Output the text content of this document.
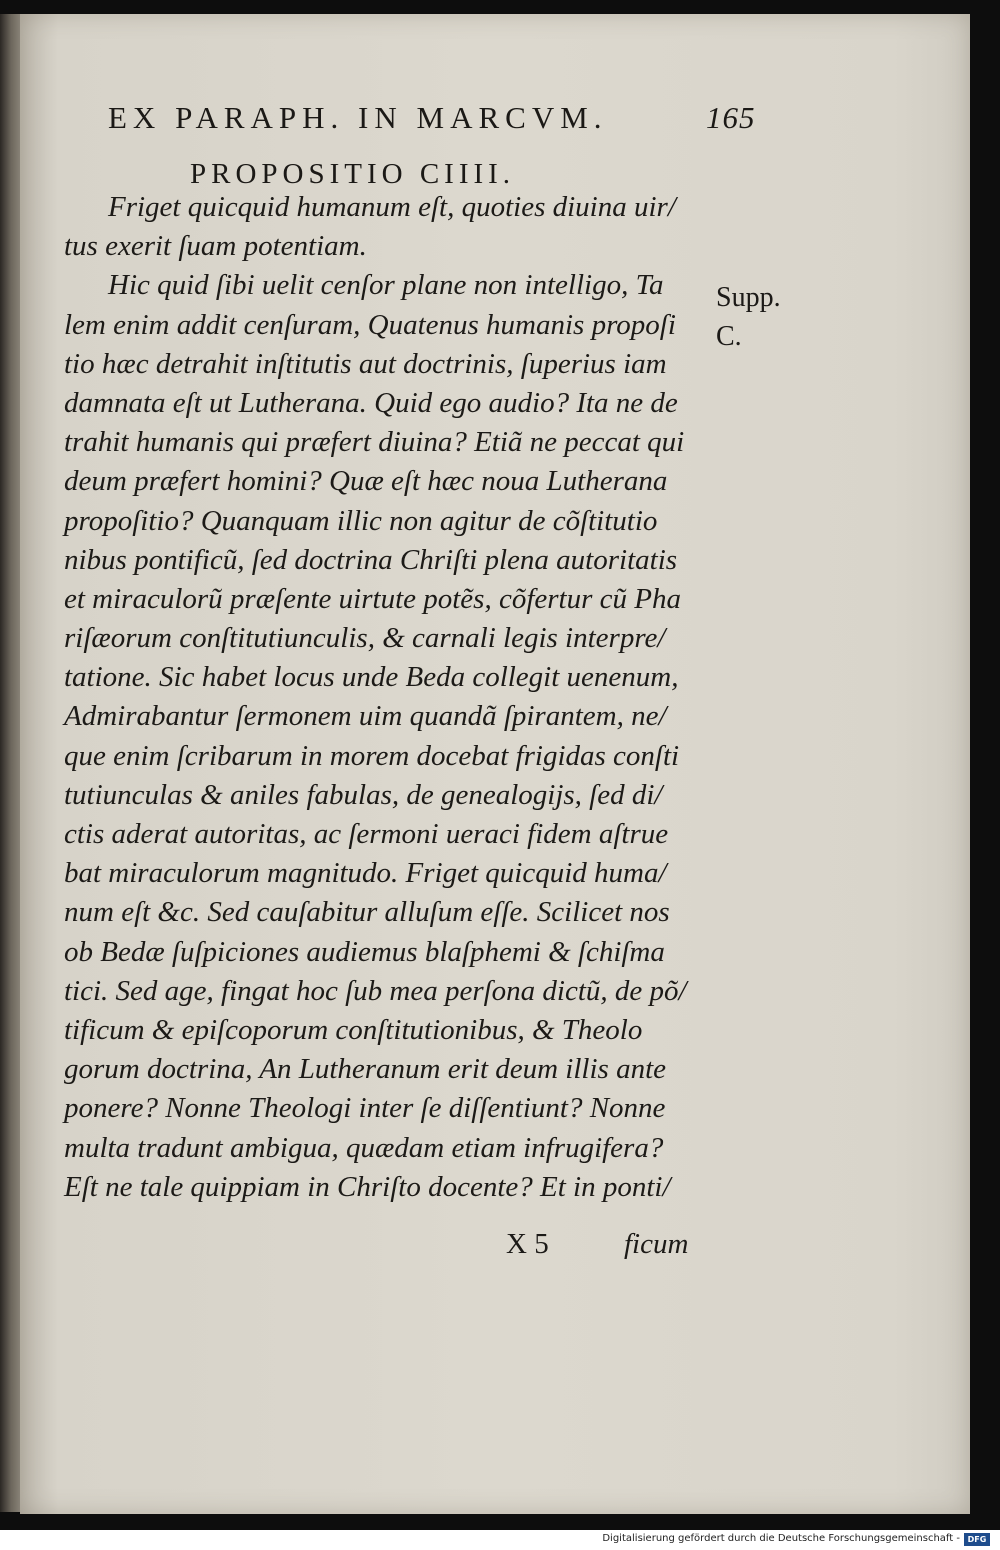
EX PARAPH. IN MARCVM.	165
PROPOSITIO CIIII.
Friget quicquid humanum eſt, quoties diuina uir/
tus exerit ſuam potentiam.
Hic quid ſibi uelit cenſor plane non intelligo, Ta
lem enim addit cenſuram, Quatenus humanis propoſi
tio hæc detrahit inſtitutis aut doctrinis, ſuperius iam
damnata eſt ut Lutherana. Quid ego audio? Ita ne de
trahit humanis qui præfert diuina? Etiã ne peccat qui
deum præfert homini? Quæ eſt hæc noua Lutherana
propoſitio? Quanquam illic non agitur de cõſtitutio
nibus pontificũ, ſed doctrina Chriſti plena autoritatis
et miraculorũ præſente uirtute potẽs, cõfertur cũ Pha
riſæorum conſtitutiunculis, & carnali legis interpre/
tatione. Sic habet locus unde Beda collegit uenenum,
Admirabantur ſermonem uim quandã ſpirantem, ne/
que enim ſcribarum in morem docebat frigidas conſti
tutiunculas & aniles fabulas, de genealogijs, ſed di/
ctis aderat autoritas, ac ſermoni ueraci fidem aſtrue
bat miraculorum magnitudo. Friget quicquid huma/
num eſt &c. Sed cauſabitur alluſum eſſe. Scilicet nos
ob Bedæ ſuſpiciones audiemus blaſphemi & ſchiſma
tici. Sed age, fingat hoc ſub mea perſona dictũ, de põ/
tificum & epiſcoporum conſtitutionibus, & Theolo
gorum doctrina, An Lutheranum erit deum illis ante
ponere? Nonne Theologi inter ſe diſſentiunt? Nonne
multa tradunt ambigua, quædam etiam infrugifera?
Eſt ne tale quippiam in Chriſto docente? Et in ponti/
Supp.
C.
X 5	ficum
Digitalisierung gefördert durch die Deutsche Forschungsgemeinschaft - DFG
